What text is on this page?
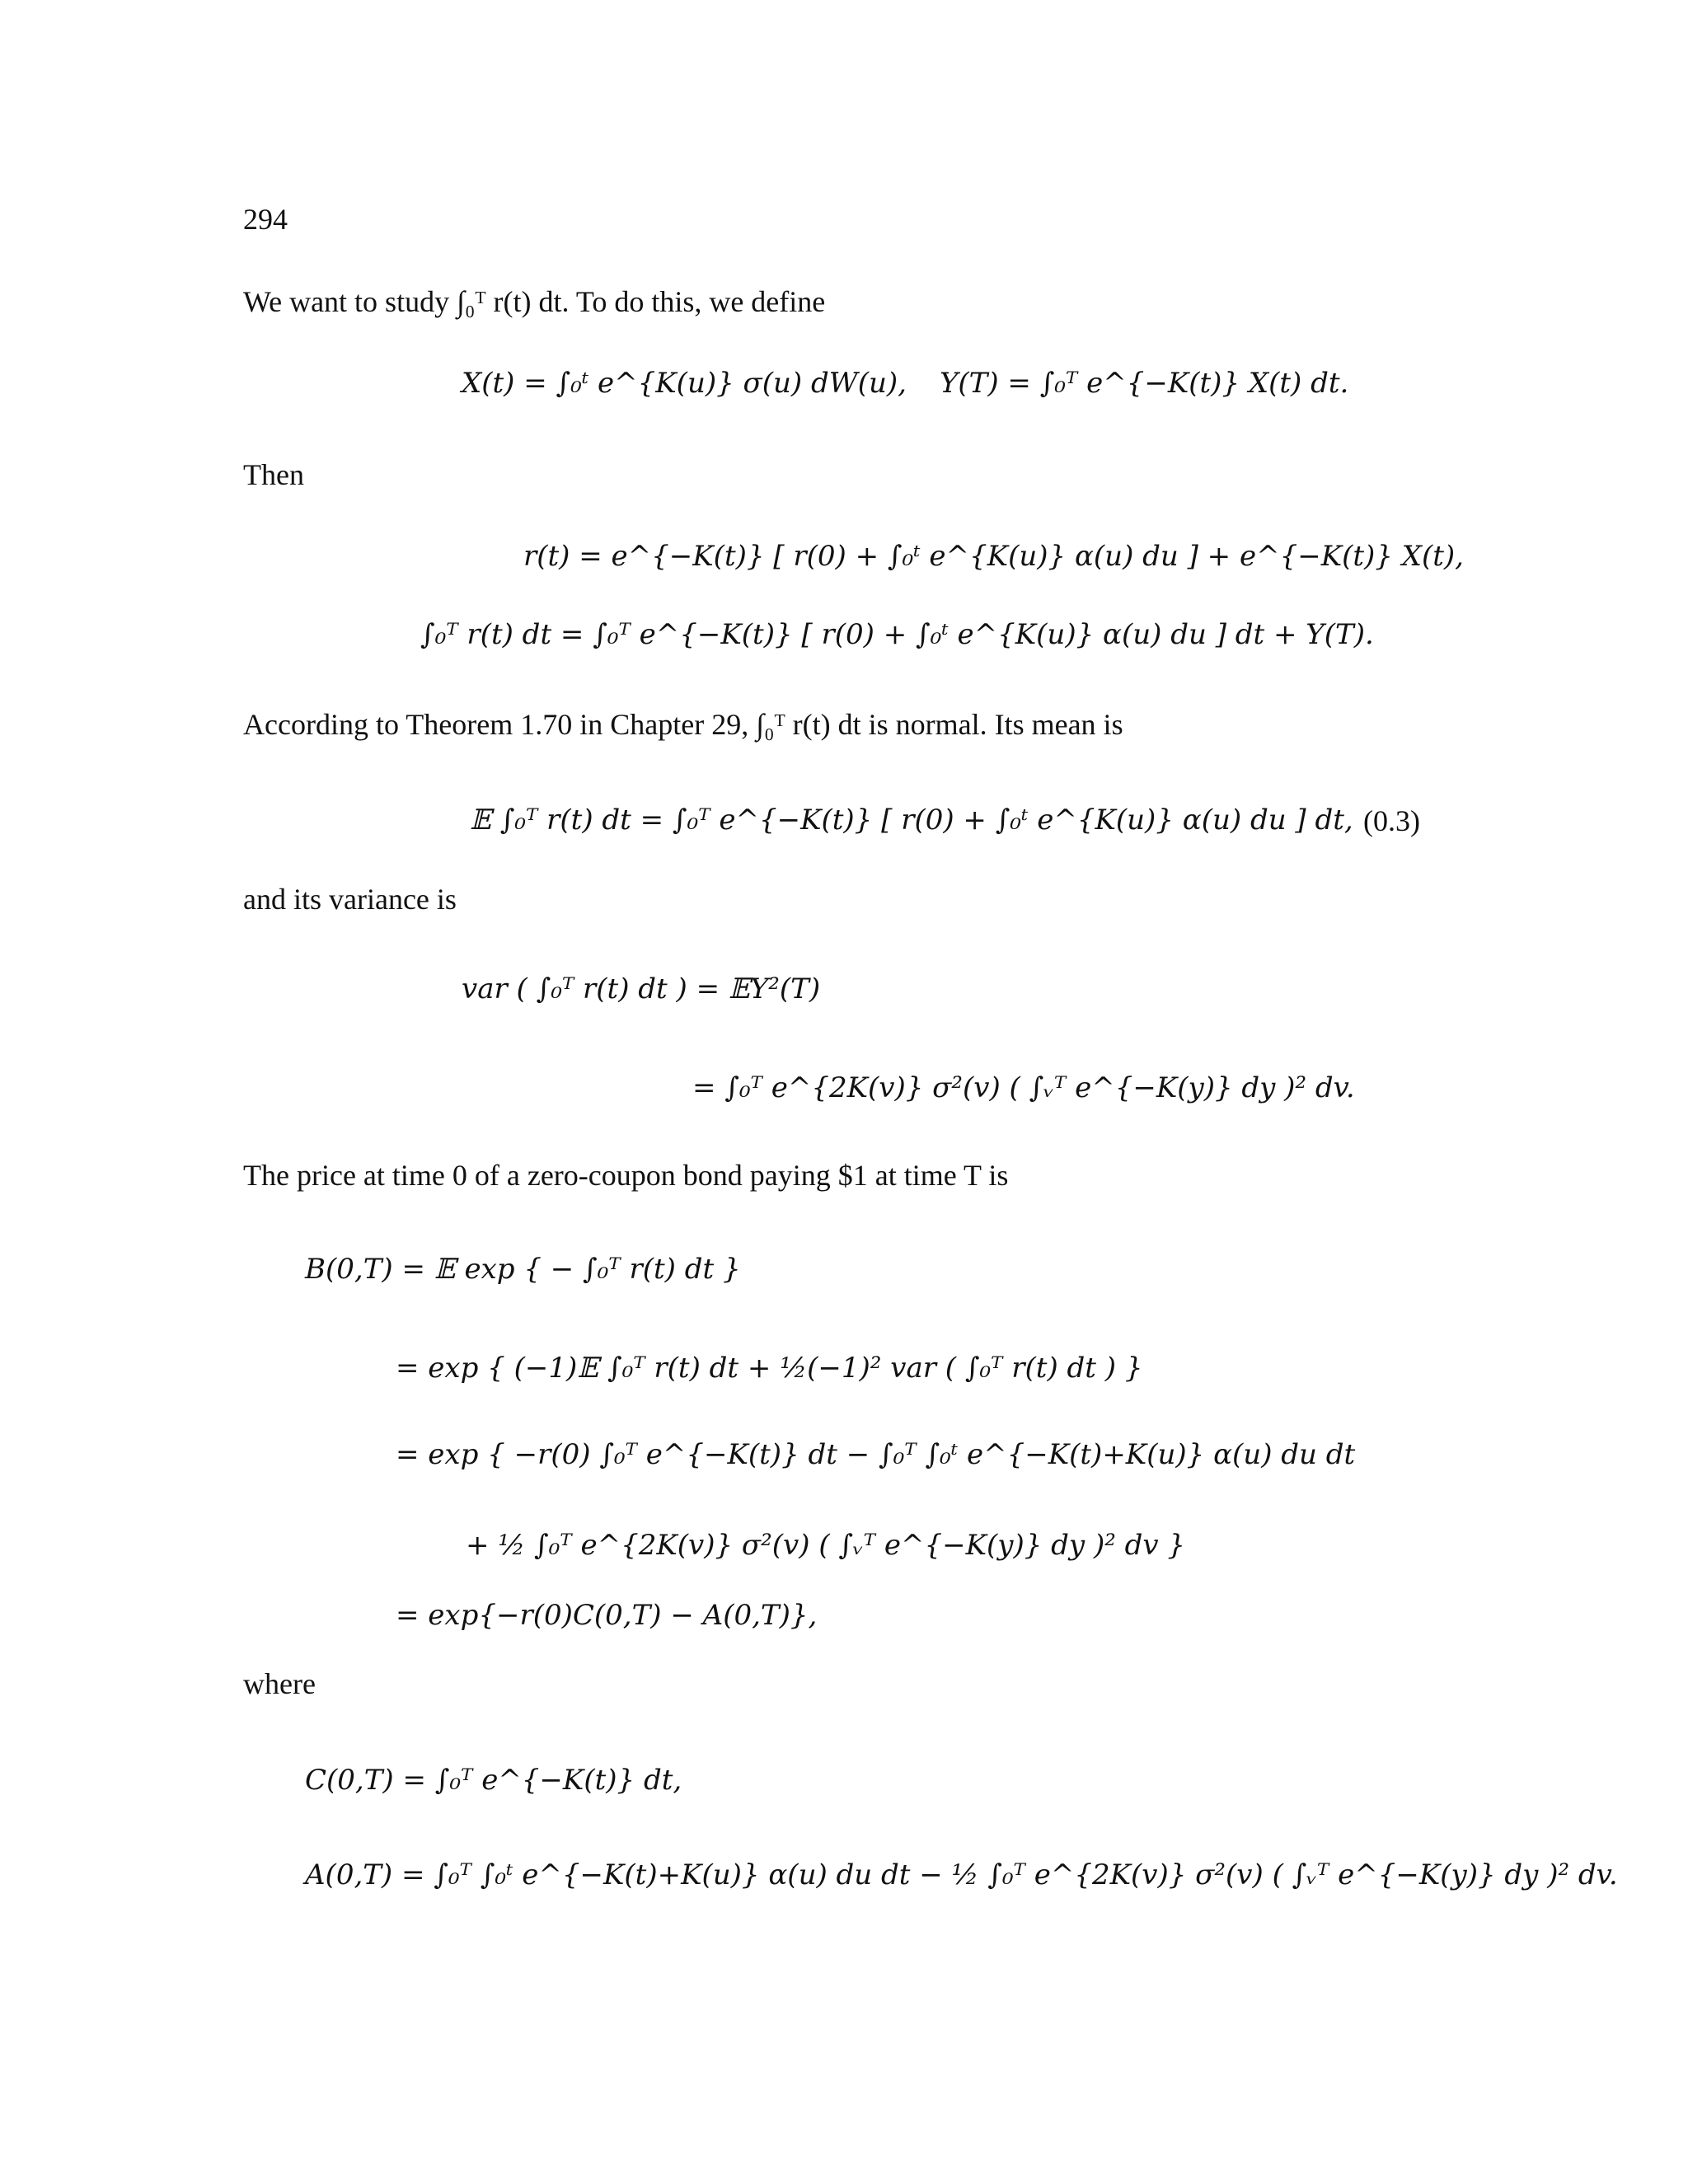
294
We want to study ∫₀ᵀ r(t) dt. To do this, we define
X(t) = ∫₀ᵗ e^{K(u)} σ(u) dW(u), Y(T) = ∫₀ᵀ e^{−K(t)} X(t) dt.
Then
r(t) = e^{−K(t)} [ r(0) + ∫₀ᵗ e^{K(u)} α(u) du ] + e^{−K(t)} X(t),
∫₀ᵀ r(t) dt = ∫₀ᵀ e^{−K(t)} [ r(0) + ∫₀ᵗ e^{K(u)} α(u) du ] dt + Y(T).
According to Theorem 1.70 in Chapter 29, ∫₀ᵀ r(t) dt is normal. Its mean is
𝔼 ∫₀ᵀ r(t) dt = ∫₀ᵀ e^{−K(t)} [ r(0) + ∫₀ᵗ e^{K(u)} α(u) du ] dt, (0.3)
and its variance is
var ( ∫₀ᵀ r(t) dt ) = 𝔼Y²(T)
= ∫₀ᵀ e^{2K(v)} σ²(v) ( ∫ᵥᵀ e^{−K(y)} dy )² dv.
The price at time 0 of a zero-coupon bond paying $1 at time T is
B(0,T) = 𝔼 exp { − ∫₀ᵀ r(t) dt }
= exp { (−1)𝔼 ∫₀ᵀ r(t) dt + ½(−1)² var ( ∫₀ᵀ r(t) dt ) }
= exp { −r(0) ∫₀ᵀ e^{−K(t)} dt − ∫₀ᵀ ∫₀ᵗ e^{−K(t)+K(u)} α(u) du dt
+ ½ ∫₀ᵀ e^{2K(v)} σ²(v) ( ∫ᵥᵀ e^{−K(y)} dy )² dv }
= exp{−r(0)C(0,T) − A(0,T)},
where
C(0,T) = ∫₀ᵀ e^{−K(t)} dt,
A(0,T) = ∫₀ᵀ ∫₀ᵗ e^{−K(t)+K(u)} α(u) du dt − ½ ∫₀ᵀ e^{2K(v)} σ²(v) ( ∫ᵥᵀ e^{−K(y)} dy )² dv.
